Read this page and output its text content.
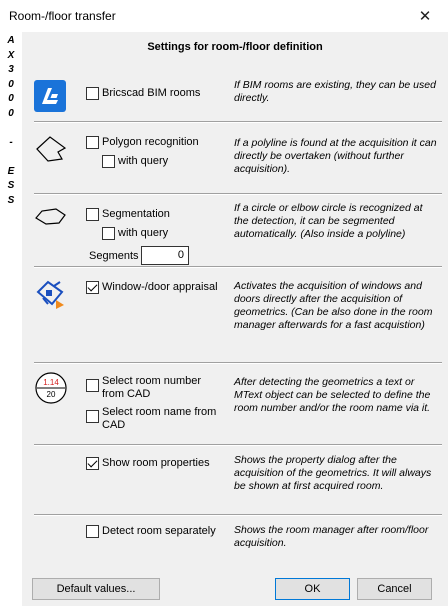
Room-/floor transfer	✕
A
X
3
0
0
0

-

E
S
S
Settings for room-/floor definition
Bricscad BIM rooms
If BIM rooms are existing, they can be used directly.
Polygon recognition
with query
If a polyline is found at the acquisition it can directly be overtaken (without further acquisition).
Segmentation
with query
Segments	0
If a circle or elbow circle is recognized at the detection, it can be segmented automatically. (Also inside a polyline)
Window-/door appraisal Activates the acquisition of windows and doors directly after the acquisition of geometrics. (Can be also done in the room manager afterwards for a fast acquistion)
1.14
20
Select room number from CAD
Select room name from CAD
After detecting the geometrics a text or MText object can be selected to define the room number and/or the room name via it.
Show room properties Shows the property dialog after the acquisition of the geometrics. It will always be shown at first acquired room.
Detect room separately Shows the room manager after room/floor acquisition.
Default values...	OK	Cancel
